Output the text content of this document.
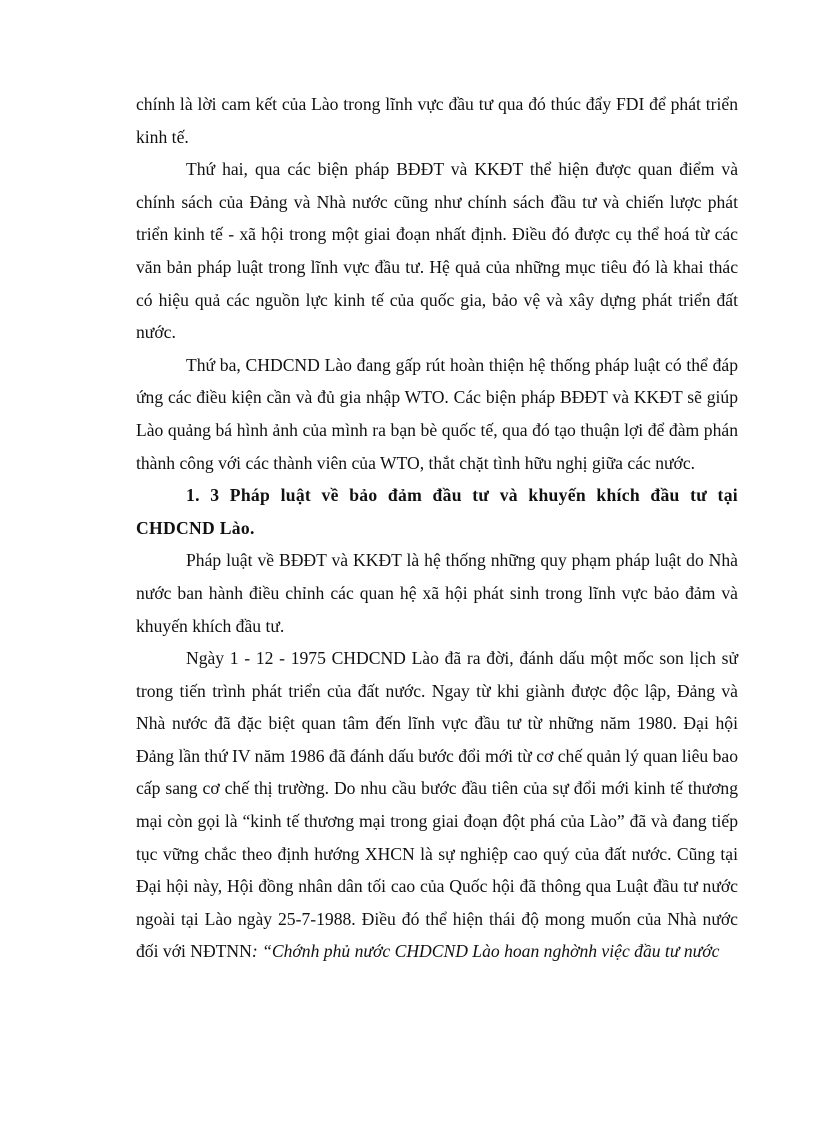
chính là lời cam kết của Lào trong lĩnh vực đầu tư qua đó thúc đẩy FDI để phát triển kinh tế.

Thứ hai, qua các biện pháp BĐĐT và KKĐT thể hiện được quan điểm và chính sách của Đảng và Nhà nước cũng như chính sách đầu tư và chiến lược phát triển kinh tế - xã hội trong một giai đoạn nhất định. Điều đó được cụ thể hoá từ các văn bản pháp luật trong lĩnh vực đầu tư. Hệ quả của những mục tiêu đó là khai thác có hiệu quả các nguồn lực kinh tế của quốc gia, bảo vệ và xây dựng phát triển đất nước.

Thứ ba, CHDCND Lào đang gấp rút hoàn thiện hệ thống pháp luật có thể đáp ứng các điều kiện cần và đủ gia nhập WTO. Các biện pháp BĐĐT và KKĐT sẽ giúp Lào quảng bá hình ảnh của mình ra bạn bè quốc tế, qua đó tạo thuận lợi để đàm phán thành công với các thành viên của WTO, thắt chặt tình hữu nghị giữa các nước.

1. 3 Pháp luật về bảo đảm đầu tư và khuyến khích đầu tư tại CHDCND Lào.

Pháp luật về BĐĐT và KKĐT là hệ thống những quy phạm pháp luật do Nhà nước ban hành điều chỉnh các quan hệ xã hội phát sinh trong lĩnh vực bảo đảm và khuyến khích đầu tư.

Ngày 1 - 12 - 1975 CHDCND Lào đã ra đời, đánh dấu một mốc son lịch sử trong tiến trình phát triển của đất nước. Ngay từ khi giành được độc lập, Đảng và Nhà nước đã đặc biệt quan tâm đến lĩnh vực đầu tư từ những năm 1980. Đại hội Đảng lần thứ IV năm 1986 đã đánh dấu bước đổi mới từ cơ chế quản lý quan liêu bao cấp sang cơ chế thị trường. Do nhu cầu bước đầu tiên của sự đổi mới kinh tế thương mại còn gọi là “kinh tế thương mại trong giai đoạn đột phá của Lào” đã và đang tiếp tục vững chắc theo định hướng XHCN là sự nghiệp cao quý của đất nước. Cũng tại Đại hội này, Hội đồng nhân dân tối cao của Quốc hội đã thông qua Luật đầu tư nước ngoài tại Lào ngày 25-7-1988. Điều đó thể hiện thái độ mong muốn của Nhà nước đối với NĐTNN: “Chớnh phủ nước CHDCND Lào hoan nghờnh việc đầu tư nước
